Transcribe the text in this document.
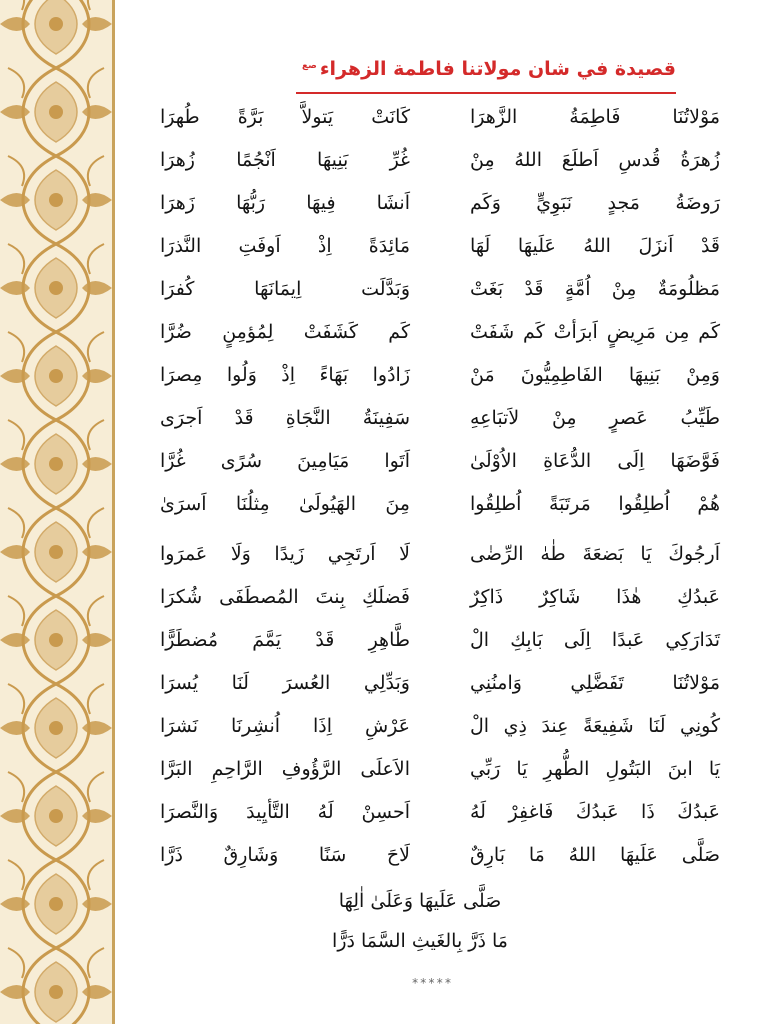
قصيدة في شان مولاتنا فاطمة الزهراء$^{صع}$
مَوْلاتُنَا فَاطِمَةُ الزَّهرَا
كَانَتْ يَتولاَّ بَرَّةً طُهرَا
زُهرَةُ قُدسِ اَطلَعَ اللهُ مِنْ
غُرِّ بَنِيهَا اَنْجُمًا زُهرَا
رَوضَةُ مَجدٍ نَبَوِيٍّ وَكَم
اَنشَا فِيهَا رَبُّهَا زَهرَا
قَدْ اَنزَلَ اللهُ عَلَيهَا لَهَا
مَائِدَةً اِذْ اَوفَتِ النَّذرَا
مَظلُومَةٌ مِنْ اُمَّةٍ قَدْ بَغَتْ
وَبَدَّلَت اِيمَانَهَا كُفرَا
كَم مِن مَرِيضٍ اَبرَأتْ كَم شَفَتْ
كَم كَشَفَتْ لِمُؤمِنٍ ضُرَّا
وَمِنْ بَنِيهَا الفَاطِمِيُّونَ مَنْ
زَادُوا بَهَاءً اِذْ وَلُوا مِصرَا
طَيِّبُ عَصرٍ مِنْ لاَتبَاعِهِ
سَفِينَةُ النَّجَاةِ قَدْ اَجرَى
فَوَّضَهَا اِلَى الدُّعَاةِ الاُوْلَىٰ
اَتَوا مَيَامِينَ سُرًى غُرَّا
هُمْ اُطلِقُوا مَرتَبَةً اُطلِقُوا
مِنَ الهَيُولَىٰ مِثلُنَا اَسرَىٰ
اَرجُوكَ يَا بَضعَةَ طٰهٰ الرِّضٰى
لَا اَرتَجِي زَيدًا وَلَا عَمرَوا
عَبدُكِ هٰذَا شَاكِرٌ ذَاكِرٌ
فَضلَكِ بِنتَ المُصطَفَى شُكرَا
تَدَارَكِي عَبدًا اِلَى بَابِكِ الْ
طَّاهِرِ قَدْ يَمَّمَ مُضطَرًّا
مَوْلاتُنَا تَفَضَّلِي وَامنُنِي
وَبَدِّلِي العُسرَ لَنَا يُسرَا
كُونِي لَنَا شَفِيعَةً عِندَ ذِي الْ
عَرْشِ اِذَا اُنشِرنَا نَشرَا
يَا ابنَ البَتُولِ الطُّهرِ يَا رَبِّي
الاَعلَى الرَّؤُوفِ الرَّاحِمِ البَرَّا
عَبدُكَ ذَا عَبدُكَ فَاغفِرْ لَهُ
اَحسِنْ لَهُ التَّأيِيدَ وَالنَّصرَا
صَلَّى عَلَيهَا اللهُ مَا بَارِقٌ
لَاحَ سَنًا وَشَارِقٌ ذَرَّا
صَلَّى عَلَيهَا وَعَلَىٰ اٰلِهَا
مَا ذَرَّ بِالغَيثِ السَّمَا دَرًّا
*****
